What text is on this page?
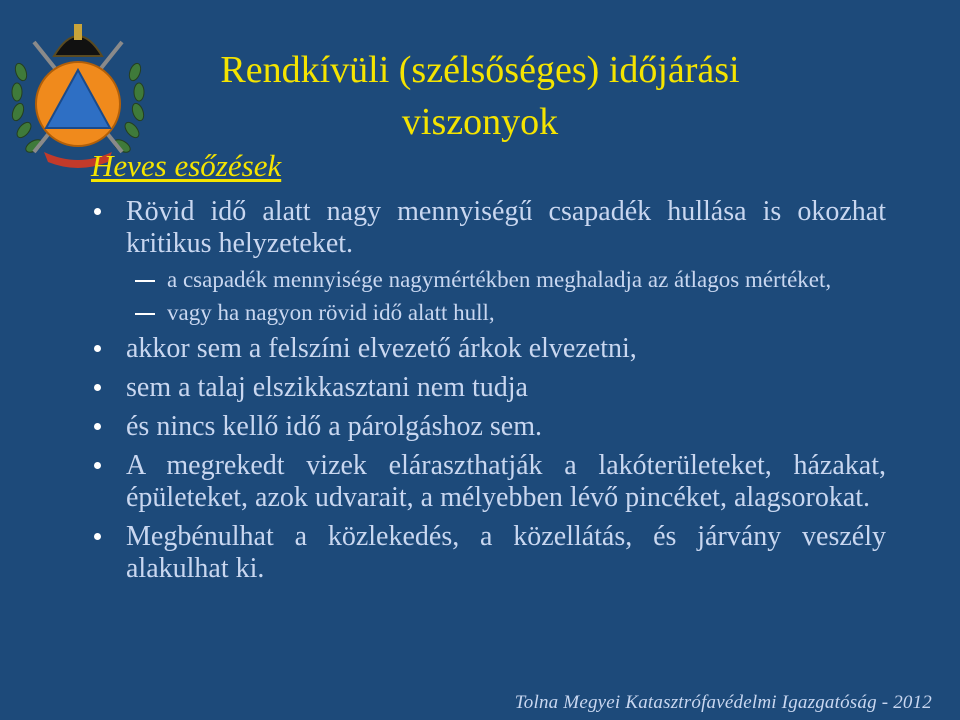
Rendkívüli (szélsőséges) időjárási
viszonyok
Heves esőzések
Rövid idő alatt nagy mennyiségű csapadék hullása is okozhat kritikus helyzeteket.
a csapadék mennyisége nagymértékben meghaladja az átlagos mértéket,
vagy ha nagyon rövid idő alatt hull,
akkor sem a felszíni elvezető árkok elvezetni,
sem a talaj elszikkasztani nem tudja
és nincs kellő idő a párolgáshoz sem.
A megrekedt vizek eláraszthatják a lakóterületeket, házakat, épületeket, azok udvarait, a mélyebben lévő pincéket, alagsorokat.
Megbénulhat a közlekedés, a közellátás, és járvány veszély alakulhat ki.
Tolna Megyei Katasztrófavédelmi Igazgatóság - 2012
